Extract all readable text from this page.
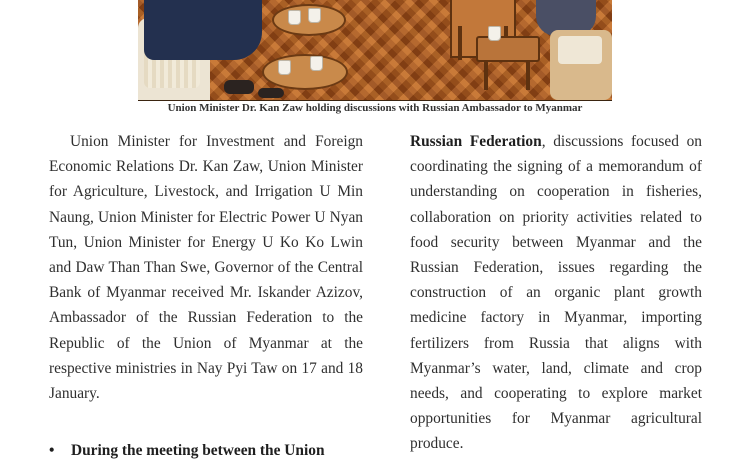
Union Minister Dr. Kan Zaw holding discussions with Russian Ambassador to Myanmar

Union Minister for Investment and Foreign Economic Relations Dr. Kan Zaw, Union Minister for Agriculture, Livestock, and Irrigation U Min Naung, Union Minister for Electric Power U Nyan Tun, Union Minister for Energy U Ko Ko Lwin and Daw Than Than Swe, Governor of the Central Bank of Myanmar received Mr. Iskander Azizov, Ambassador of the Russian Federation to the Republic of the Union of Myanmar at the respective ministries in Nay Pyi Taw on 17 and 18 January.

• During the meeting between the Union

Russian Federation, discussions focused on coordinating the signing of a memorandum of understanding on cooperation in fisheries, collaboration on priority activities related to food security between Myanmar and the Russian Federation, issues regarding the construction of an organic plant growth medicine factory in Myanmar, importing fertilizers from Russia that aligns with Myanmar’s water, land, climate and crop needs, and cooperating to explore market opportunities for Myanmar agricultural produce.
